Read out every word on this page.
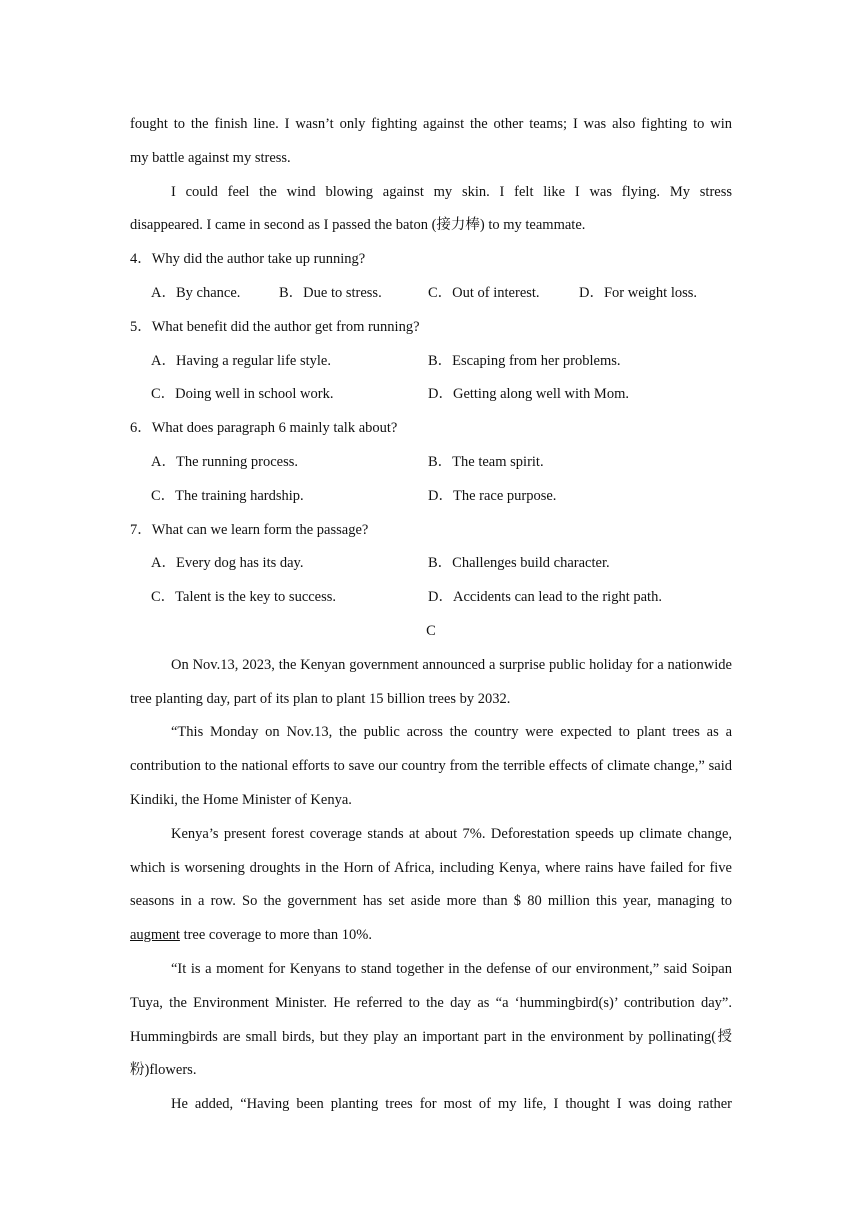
fought to the finish line. I wasn’t only fighting against the other teams; I was also fighting to win
my battle against my stress.
I could feel the wind blowing against my skin. I felt like I was flying. My stress
disappeared. I came in second as I passed the baton (接力棒) to my teammate.
4．Why did the author take up running?
A．By chance.	B．Due to stress.	C．Out of interest.	D．For weight loss.
5．What benefit did the author get from running?
A．Having a regular life style.	B．Escaping from her problems.
C．Doing well in school work.	D．Getting along well with Mom.
6．What does paragraph 6 mainly talk about?
A．The running process.	B．The team spirit.
C．The training hardship.	D．The race purpose.
7．What can we learn form the passage?
A．Every dog has its day.	B．Challenges build character.
C．Talent is the key to success.	D．Accidents can lead to the right path.
C

On Nov.13, 2023, the Kenyan government announced a surprise public holiday for a nationwide tree planting day, part of its plan to plant 15 billion trees by 2032.

“This Monday on Nov.13, the public across the country were expected to plant trees as a contribution to the national efforts to save our country from the terrible effects of climate change,” said Kindiki, the Home Minister of Kenya.

Kenya’s present forest coverage stands at about 7%. Deforestation speeds up climate change, which is worsening droughts in the Horn of Africa, including Kenya, where rains have failed for five seasons in a row. So the government has set aside more than $ 80 million this year, managing to augment tree coverage to more than 10%.

“It is a moment for Kenyans to stand together in the defense of our environment,” said Soipan Tuya, the Environment Minister. He referred to the day as “a ‘hummingbird(s)’ contribution day”. Hummingbirds are small birds, but they play an important part in the environment by pollinating(授粉)flowers.

He added, “Having been planting trees for most of my life, I thought I was doing rather
